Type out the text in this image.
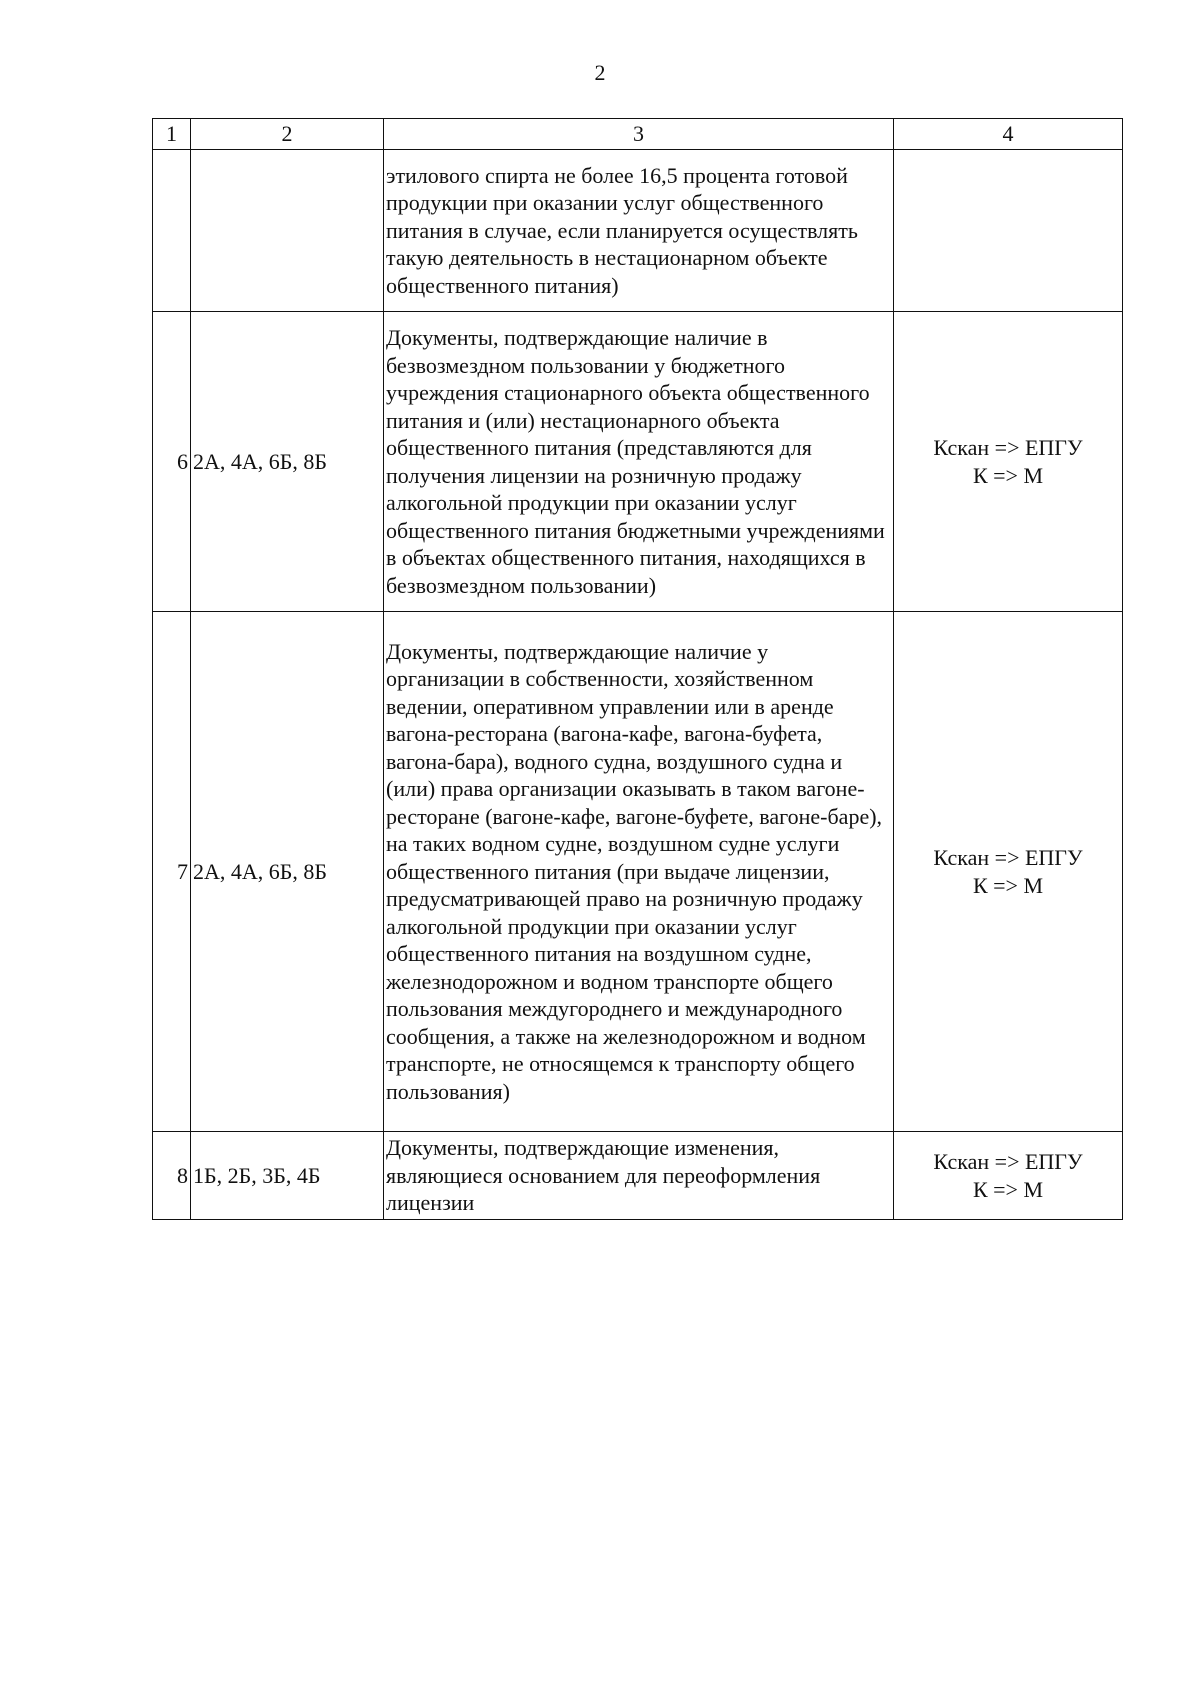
2
1	2	3	4
		этилового спирта не более 16,5 процента готовой продукции при оказании услуг общественного питания в случае, если планируется осуществлять такую деятельность в нестационарном объекте общественного питания)	

6	2А, 4А, 6Б, 8Б	Документы, подтверждающие наличие в безвозмездном пользовании у бюджетного учреждения стационарного объекта общественного питания и (или) нестационарного объекта общественного питания (представляются для получения лицензии на розничную продажу алкогольной продукции при оказании услуг общественного питания бюджетными учреждениями в объектах общественного питания, находящихся в безвозмездном пользовании)	Кскан => ЕПГУ
К => М

7	2А, 4А, 6Б, 8Б	Документы, подтверждающие наличие у организации в собственности, хозяйственном ведении, оперативном управлении или в аренде вагона-ресторана (вагона-кафе, вагона-буфета, вагона-бара), водного судна, воздушного судна и (или) права организации оказывать в таком вагоне-ресторане (вагоне-кафе, вагоне-буфете, вагоне-баре), на таких водном судне, воздушном судне услуги общественного питания (при выдаче лицензии, предусматривающей право на розничную продажу алкогольной продукции при оказании услуг общественного питания на воздушном судне, железнодорожном и водном транспорте общего пользования междугороднего и международного сообщения, а также на железнодорожном и водном транспорте, не относящемся к транспорту общего пользования)	Кскан => ЕПГУ
К => М

8	1Б, 2Б, 3Б, 4Б	Документы, подтверждающие изменения, являющиеся основанием для переоформления лицензии	Кскан => ЕПГУ
К => М
